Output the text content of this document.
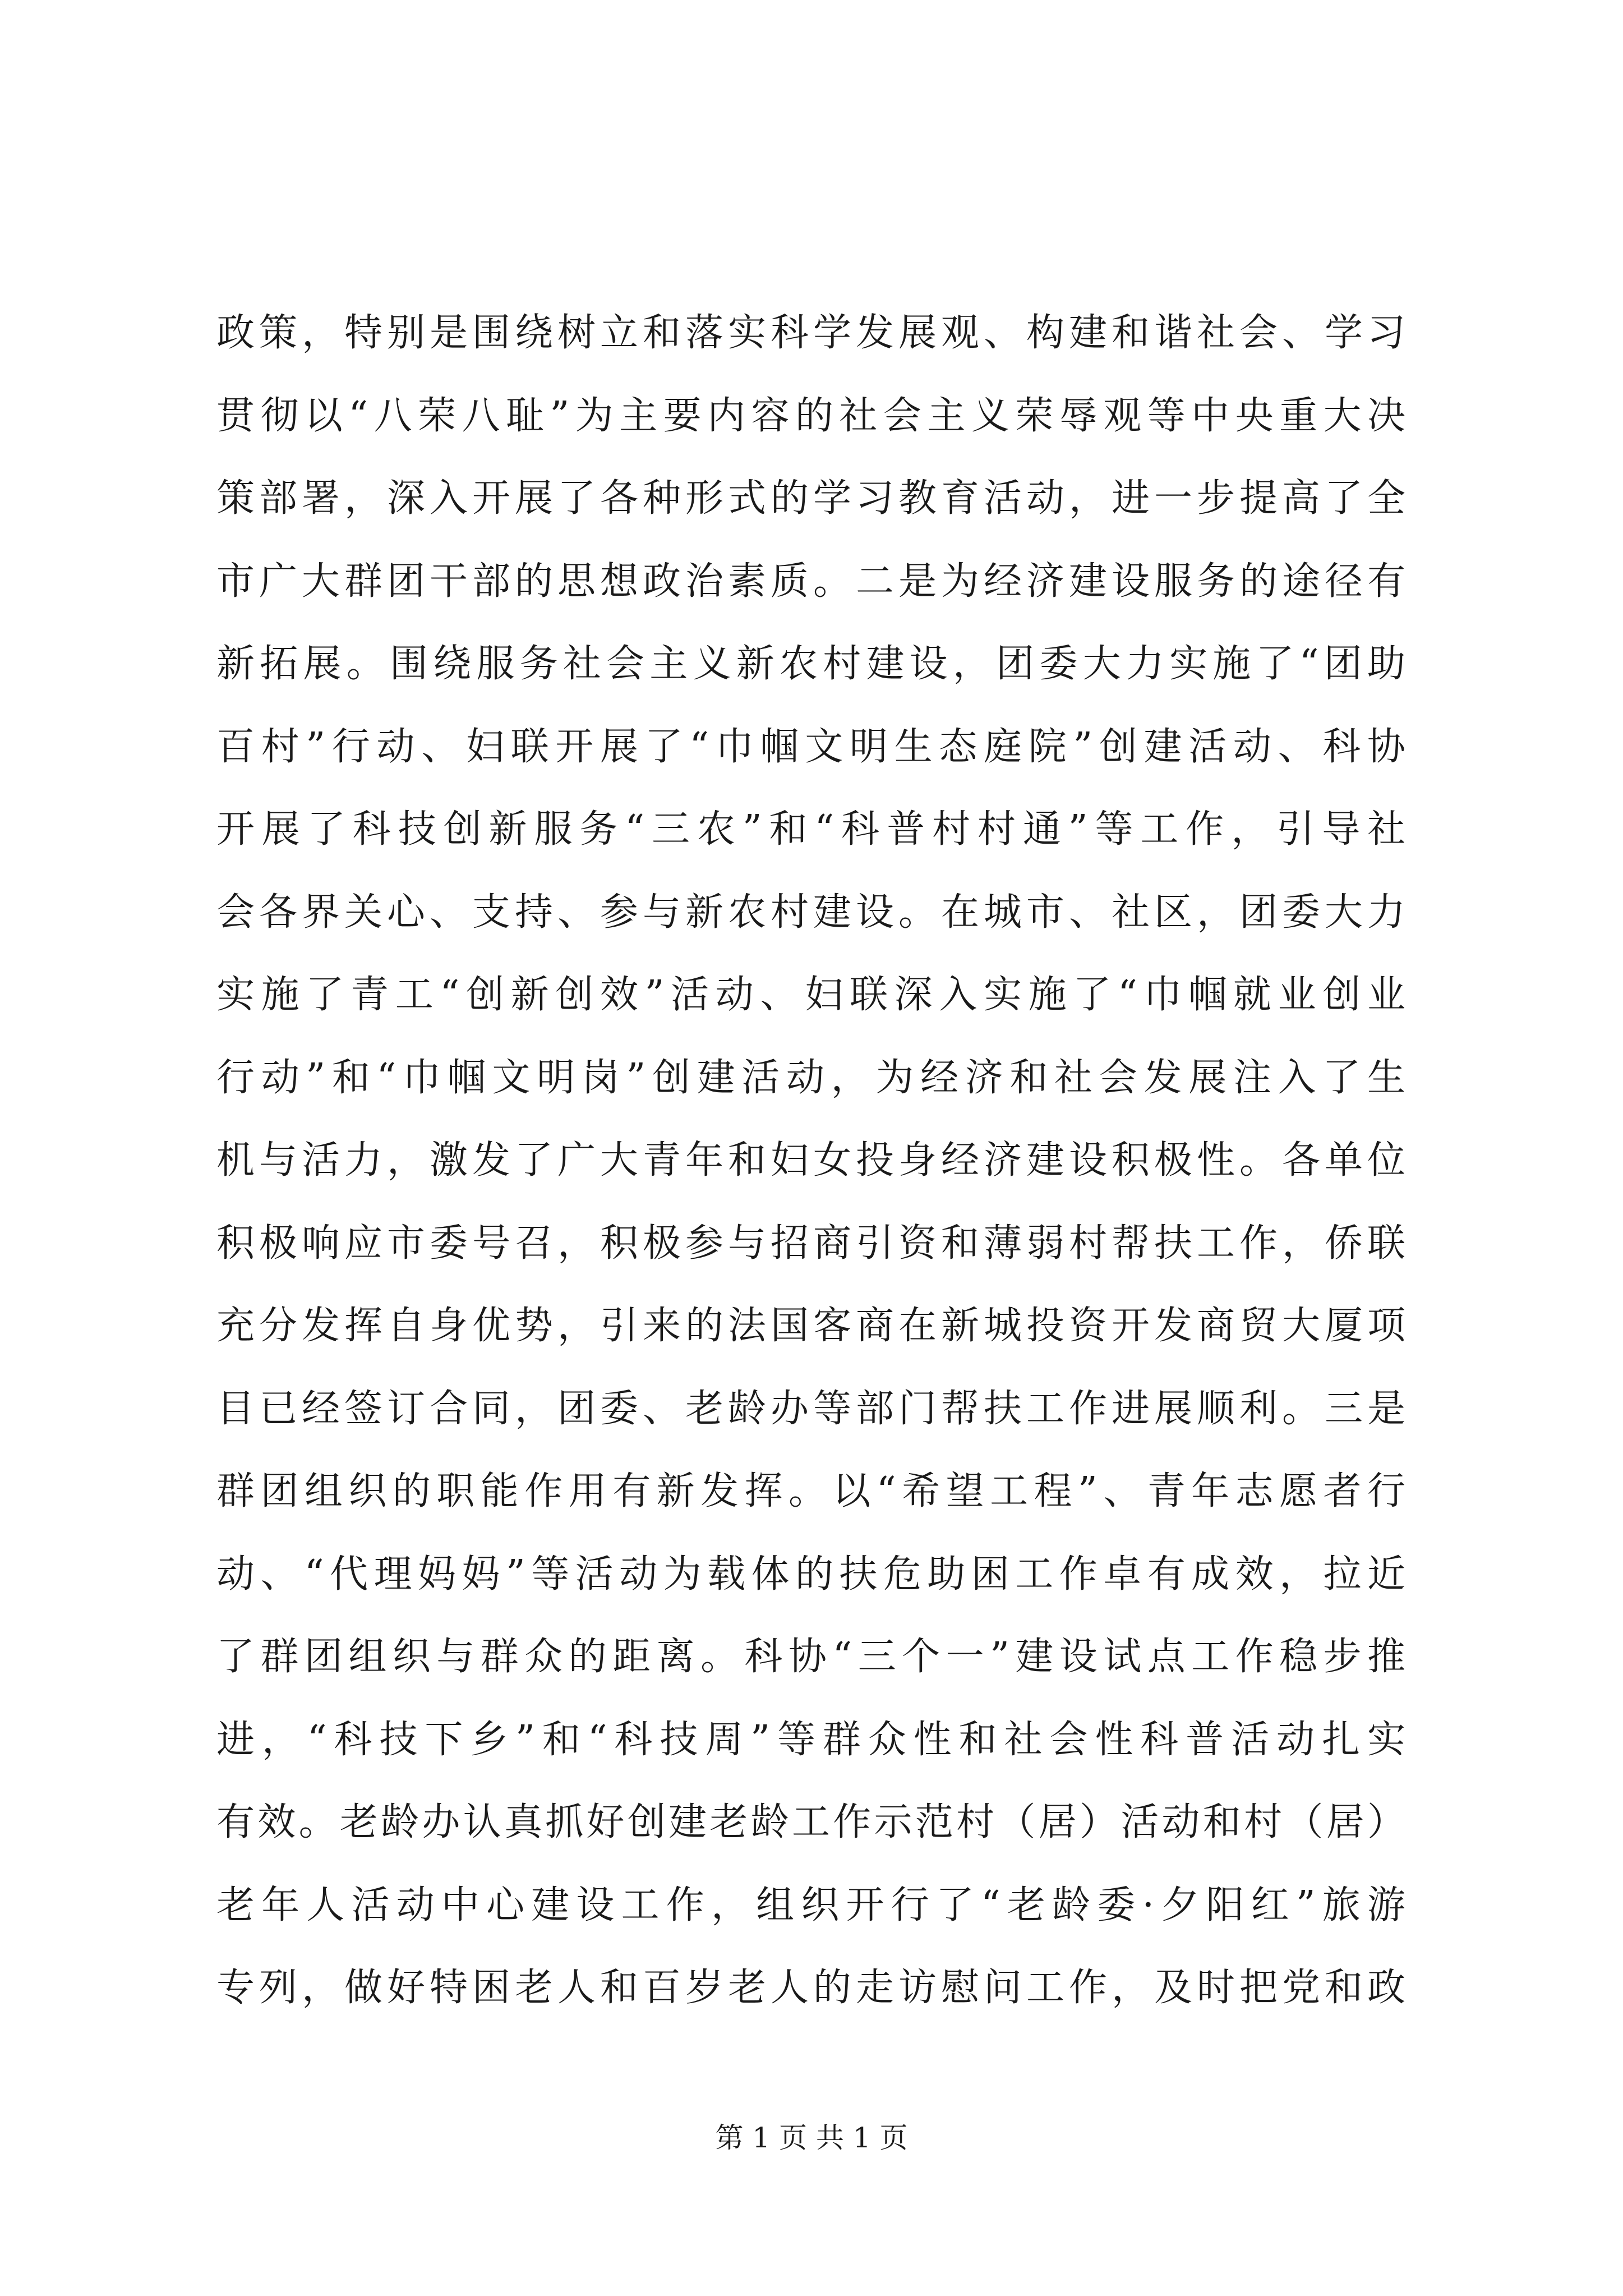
政策，特别是围绕树立和落实科学发展观、构建和谐社会、学习
贯彻以“八荣八耻”为主要内容的社会主义荣辱观等中央重大决
策部署，深入开展了各种形式的学习教育活动，进一步提高了全
市广大群团干部的思想政治素质。二是为经济建设服务的途径有
新拓展。围绕服务社会主义新农村建设，团委大力实施了“团助
百村”行动、妇联开展了“巾帼文明生态庭院”创建活动、科协
开展了科技创新服务“三农”和“科普村村通”等工作，引导社
会各界关心、支持、参与新农村建设。在城市、社区，团委大力
实施了青工“创新创效”活动、妇联深入实施了“巾帼就业创业
行动”和“巾帼文明岗”创建活动，为经济和社会发展注入了生
机与活力，激发了广大青年和妇女投身经济建设积极性。各单位
积极响应市委号召，积极参与招商引资和薄弱村帮扶工作，侨联
充分发挥自身优势，引来的法国客商在新城投资开发商贸大厦项
目已经签订合同，团委、老龄办等部门帮扶工作进展顺利。三是
群团组织的职能作用有新发挥。以“希望工程”、青年志愿者行
动、“代理妈妈”等活动为载体的扶危助困工作卓有成效，拉近
了群团组织与群众的距离。科协“三个一”建设试点工作稳步推
进，“科技下乡”和“科技周”等群众性和社会性科普活动扎实
有效。老龄办认真抓好创建老龄工作示范村（居）活动和村（居）
老年人活动中心建设工作，组织开行了“老龄委·夕阳红”旅游
专列，做好特困老人和百岁老人的走访慰问工作，及时把党和政
第 1 页 共 1 页
